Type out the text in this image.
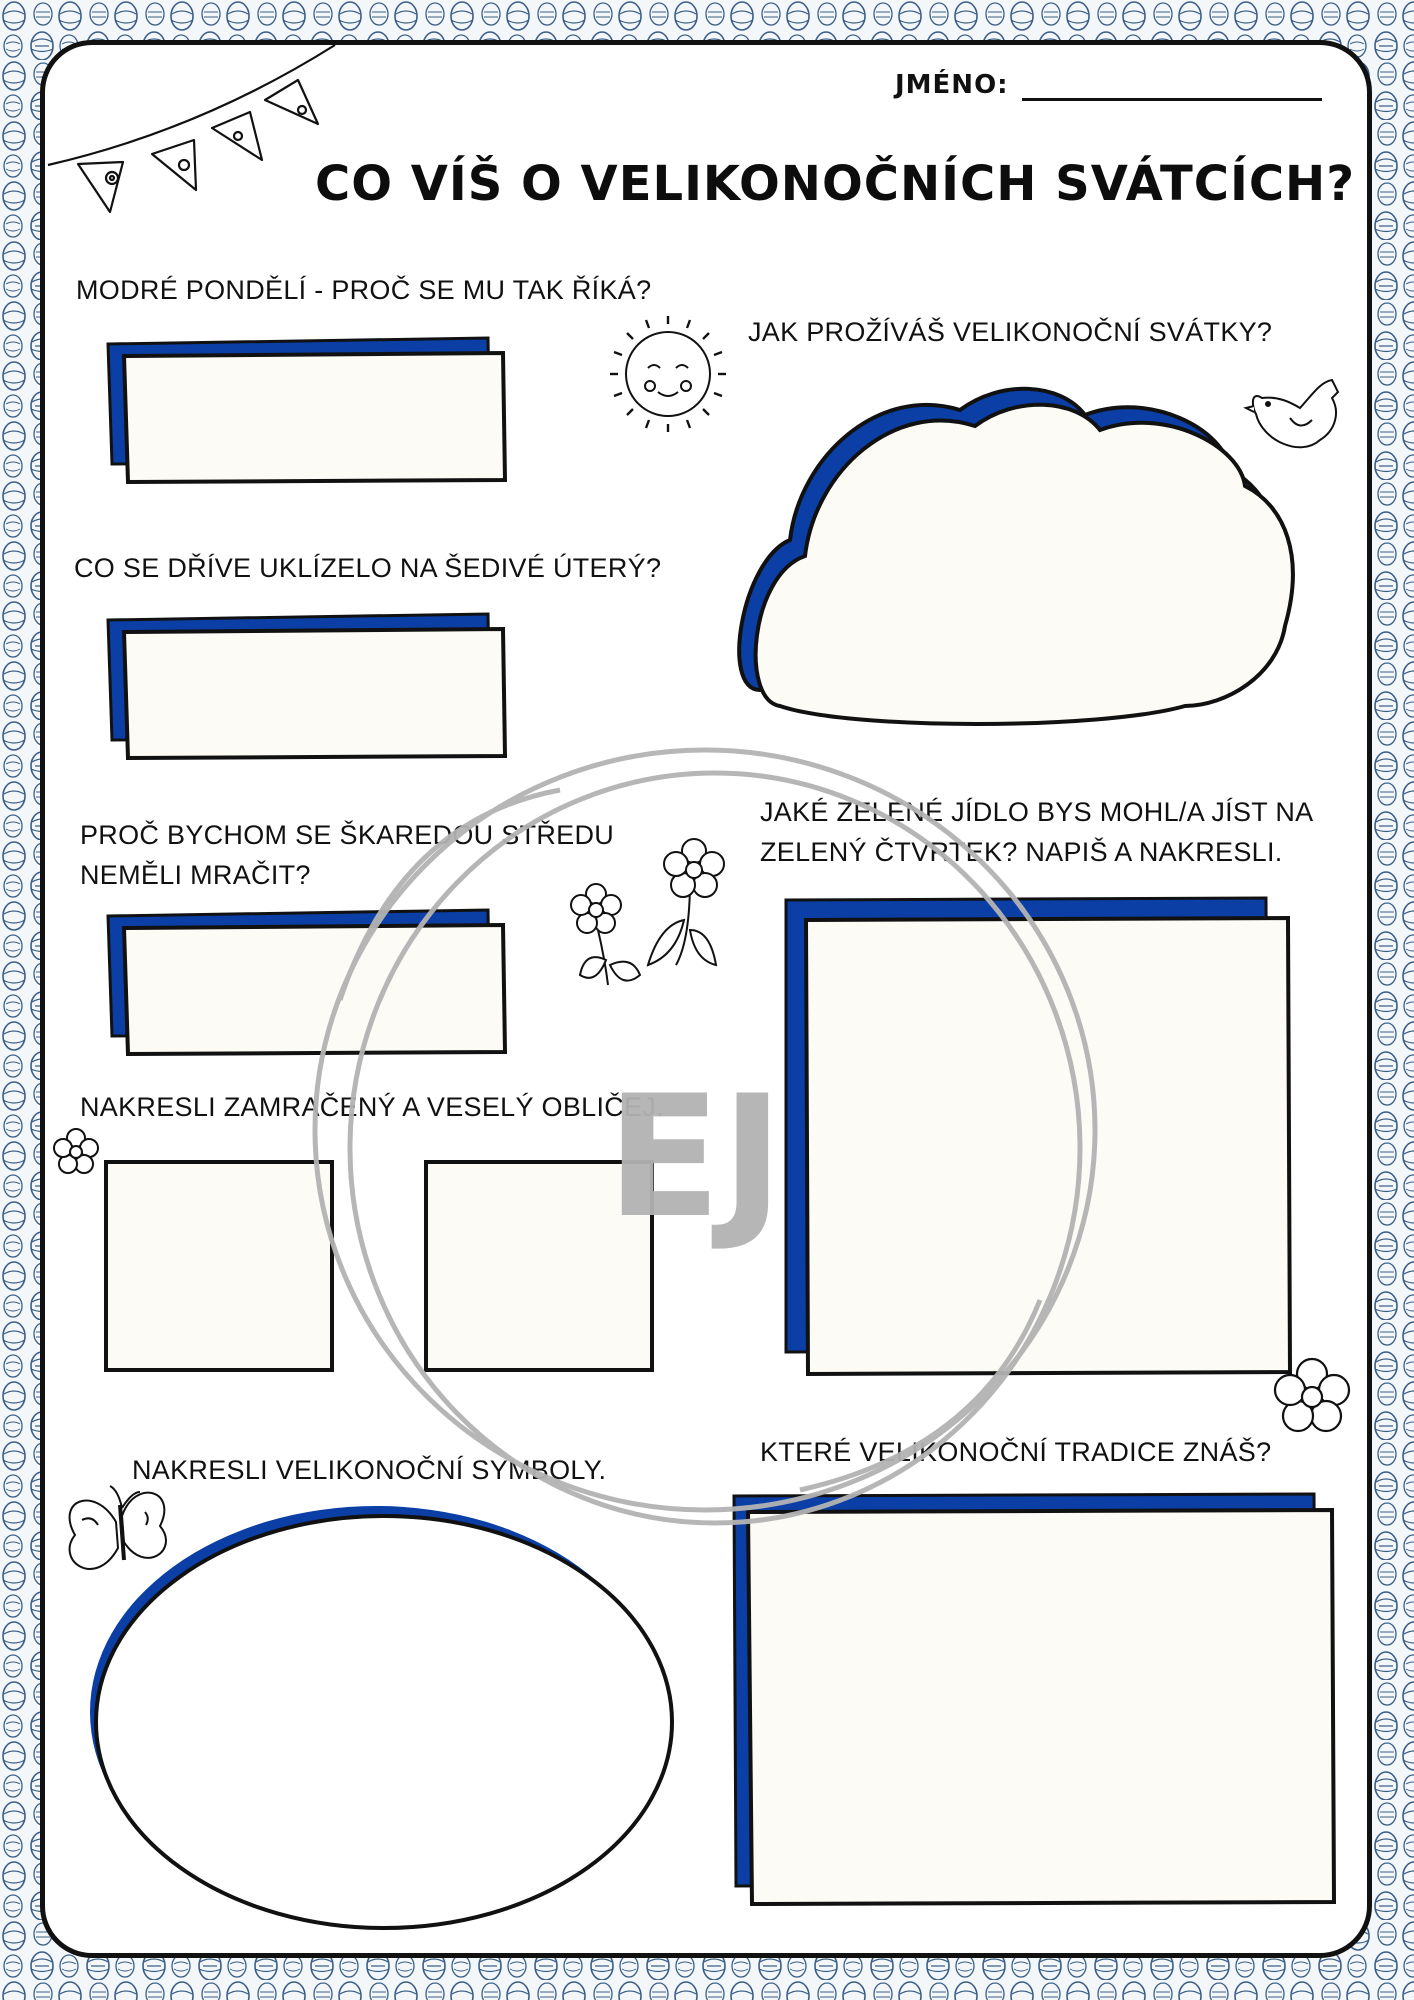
JMÉNO:
CO VÍŠ O VELIKONOČNÍCH SVÁTCÍCH?
MODRÉ PONDĚLÍ - PROČ SE MU TAK ŘÍKÁ?
CO SE DŘÍVE UKLÍZELO NA ŠEDIVÉ ÚTERÝ?
PROČ BYCHOM SE ŠKAREDOU STŘEDU
NEMĚLI MRAČIT?
NAKRESLI ZAMRAČENÝ A VESELÝ OBLIČEJ.
NAKRESLI VELIKONOČNÍ SYMBOLY.
JAK PROŽÍVÁŠ VELIKONOČNÍ SVÁTKY?
JAKÉ ZELENÉ JÍDLO BYS MOHL/A JÍST NA
ZELENÝ ČTVRTEK? NAPIŠ A NAKRESLI.
KTERÉ VELIKONOČNÍ TRADICE ZNÁŠ?
EJ
